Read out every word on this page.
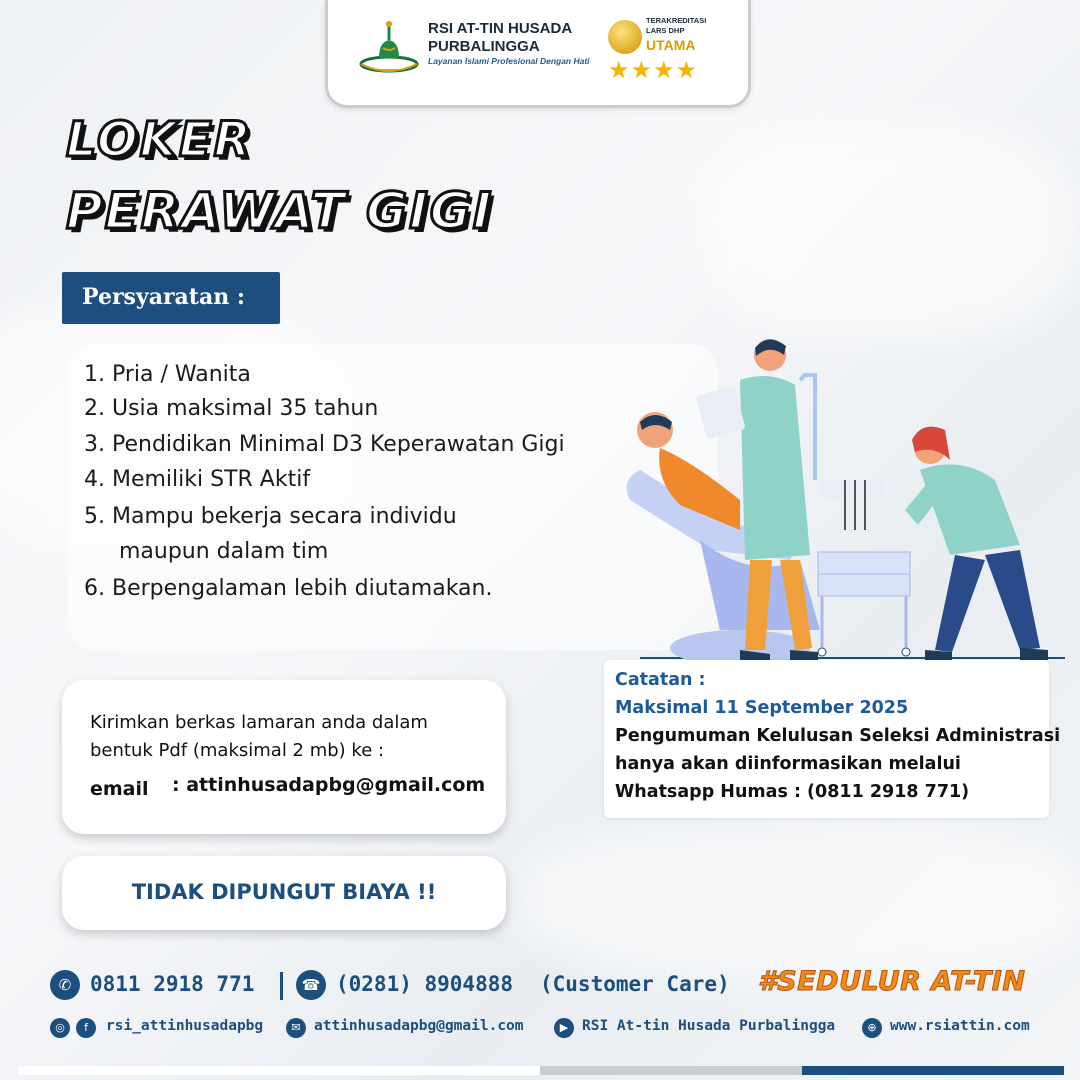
RSI AT-TIN HUSADA
PURBALINGGA
Layanan Islami Profesional Dengan Hati
TERAKREDITASI
LARS DHP
UTAMA
★★★★
LOKER
PERAWAT GIGI
Persyaratan :
1. Pria / Wanita
2. Usia maksimal 35 tahun
3. Pendidikan Minimal D3 Keperawatan Gigi
4. Memiliki STR Aktif
5. Mampu bekerja secara individu
maupun dalam tim
6. Berpengalaman lebih diutamakan.
Catatan :
Maksimal 11 September 2025
Pengumuman Kelulusan Seleksi Administrasi
hanya akan diinformasikan melalui
Whatsapp Humas : (0811 2918 771)
Kirimkan berkas lamaran anda dalam
bentuk Pdf (maksimal 2 mb) ke :
email : attinhusadapbg@gmail.com
TIDAK DIPUNGUT BIAYA !!
✆ 0811 2918 771	☎ (0281) 8904888 (Customer Care) #SEDULUR AT-TIN
◎	f	rsi_attinhusadapbg	✉ attinhusadapbg@gmail.com	▶ RSI At-tin Husada Purbalingga	⊕ www.rsiattin.com
